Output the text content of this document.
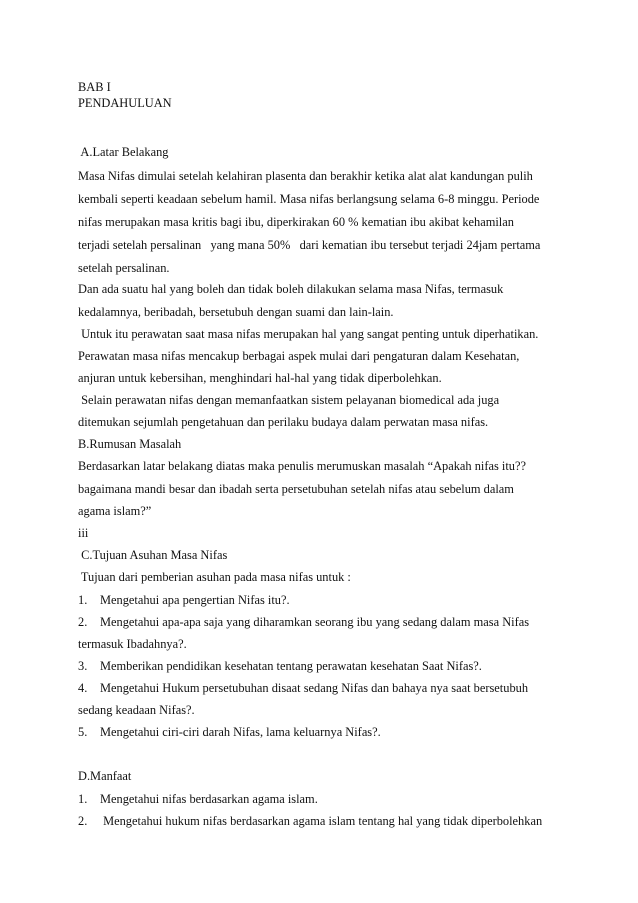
BAB I
PENDAHULUAN
A.Latar Belakang
Masa Nifas dimulai setelah kelahiran plasenta dan berakhir ketika alat alat kandungan pulih
kembali seperti keadaan sebelum hamil. Masa nifas berlangsung selama 6-8 minggu. Periode
nifas merupakan masa kritis bagi ibu, diperkirakan 60 % kematian ibu akibat kehamilan
terjadi setelah persalinan   yang mana 50%   dari kematian ibu tersebut terjadi 24jam pertama
setelah persalinan.
Dan ada suatu hal yang boleh dan tidak boleh dilakukan selama masa Nifas, termasuk
kedalamnya, beribadah, bersetubuh dengan suami dan lain-lain.
Untuk itu perawatan saat masa nifas merupakan hal yang sangat penting untuk diperhatikan.
Perawatan masa nifas mencakup berbagai aspek mulai dari pengaturan dalam Kesehatan,
anjuran untuk kebersihan, menghindari hal-hal yang tidak diperbolehkan.
Selain perawatan nifas dengan memanfaatkan sistem pelayanan biomedical ada juga
ditemukan sejumlah pengetahuan dan perilaku budaya dalam perwatan masa nifas.
B.Rumusan Masalah
Berdasarkan latar belakang diatas maka penulis merumuskan masalah “Apakah nifas itu??
bagaimana mandi besar dan ibadah serta persetubuhan setelah nifas atau sebelum dalam
agama islam?”
iii
C.Tujuan Asuhan Masa Nifas
Tujuan dari pemberian asuhan pada masa nifas untuk :
1. Mengetahui apa pengertian Nifas itu?.
2. Mengetahui apa-apa saja yang diharamkan seorang ibu yang sedang dalam masa Nifas
termasuk Ibadahnya?.
3. Memberikan pendidikan kesehatan tentang perawatan kesehatan Saat Nifas?.
4. Mengetahui Hukum persetubuhan disaat sedang Nifas dan bahaya nya saat bersetubuh
sedang keadaan Nifas?.
5. Mengetahui ciri-ciri darah Nifas, lama keluarnya Nifas?.
D.Manfaat
1. Mengetahui nifas berdasarkan agama islam.
2. Mengetahui hukum nifas berdasarkan agama islam tentang hal yang tidak diperbolehkan
